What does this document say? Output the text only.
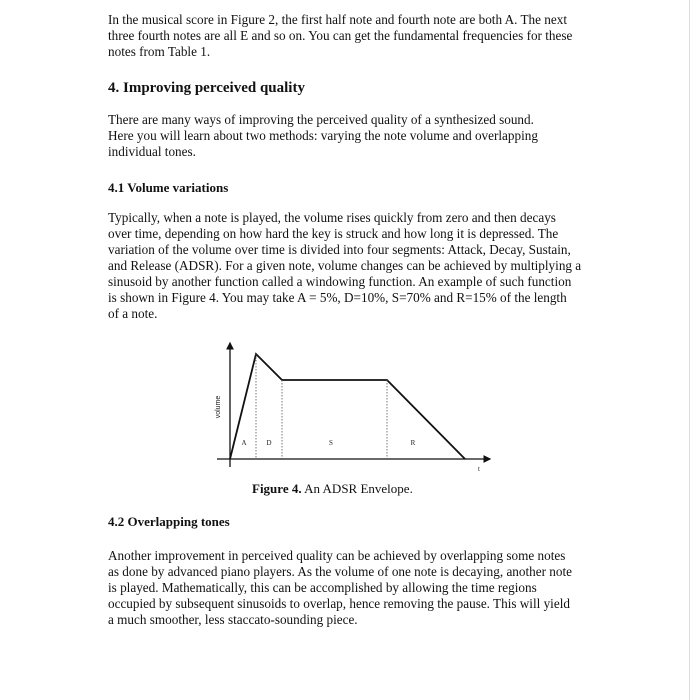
In the musical score in Figure 2, the first half note and fourth note are both A. The next
three fourth notes are all E and so on. You can get the fundamental frequencies for these
notes from Table 1.
4. Improving perceived quality
There are many ways of improving the perceived quality of a synthesized sound.
Here you will learn about two methods: varying the note volume and overlapping
individual tones.
4.1 Volume variations
Typically, when a note is played, the volume rises quickly from zero and then decays
over time, depending on how hard the key is struck and how long it is depressed. The
variation of the volume over time is divided into four segments: Attack, Decay, Sustain,
and Release (ADSR). For a given note, volume changes can be achieved by multiplying a
sinusoid by another function called a windowing function. An example of such function
is shown in Figure 4. You may take A = 5%, D=10%, S=70% and R=15% of the length
of a note.
volume
t
A	D	S	R
Figure 4. An ADSR Envelope.
4.2 Overlapping tones
Another improvement in perceived quality can be achieved by overlapping some notes
as done by advanced piano players. As the volume of one note is decaying, another note
is played. Mathematically, this can be accomplished by allowing the time regions
occupied by subsequent sinusoids to overlap, hence removing the pause. This will yield
a much smoother, less staccato-sounding piece.
